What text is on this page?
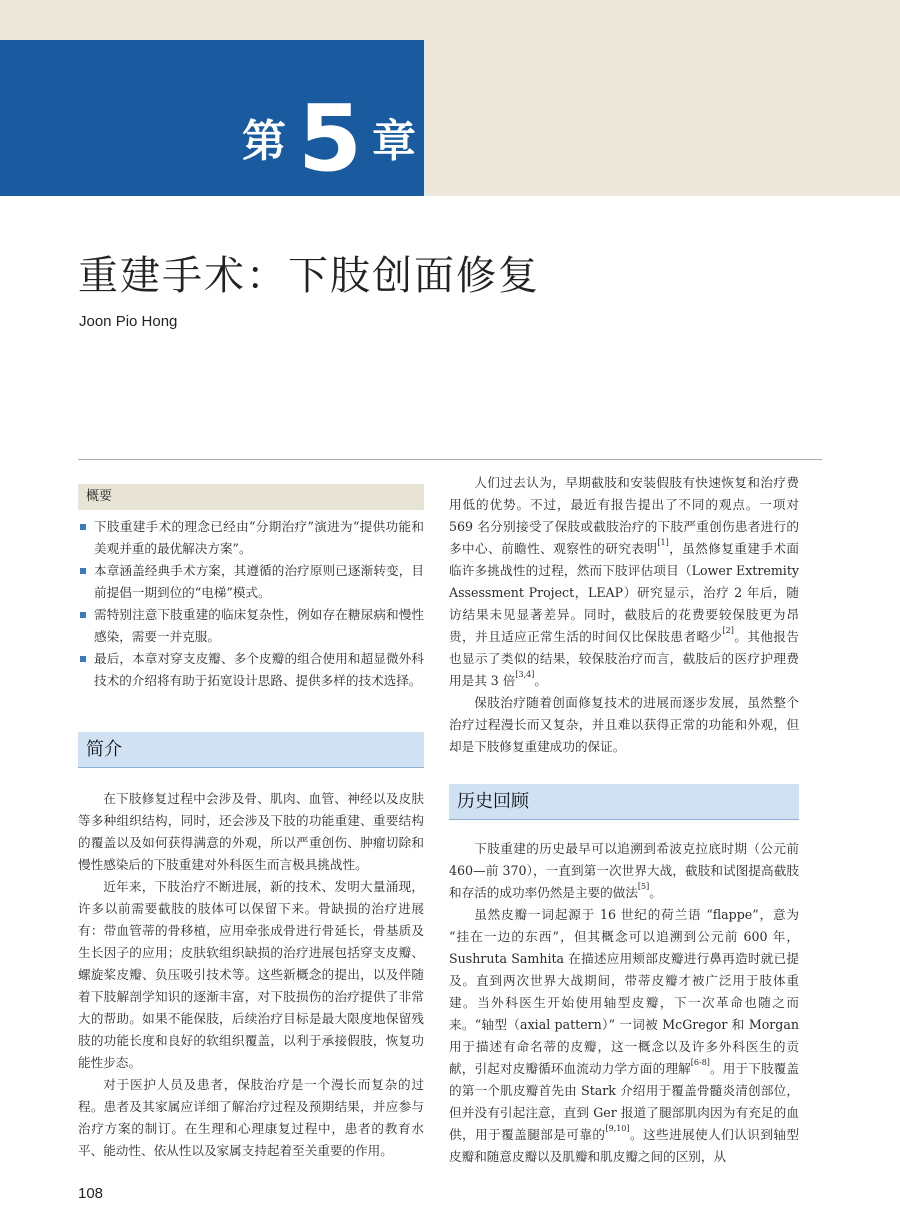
第 5 章
重建手术：下肢创面修复
Joon Pio Hong
概要
下肢重建手术的理念已经由“分期治疗”演进为“提供功能和美观并重的最优解决方案”。
本章涵盖经典手术方案，其遵循的治疗原则已逐渐转变，目前提倡一期到位的“电梯”模式。
需特别注意下肢重建的临床复杂性，例如存在糖尿病和慢性感染，需要一并克服。
最后，本章对穿支皮瓣、多个皮瓣的组合使用和超显微外科技术的介绍将有助于拓宽设计思路、提供多样的技术选择。
简介

在下肢修复过程中会涉及骨、肌肉、血管、神经以及皮肤等多种组织结构，同时，还会涉及下肢的功能重建、重要结构的覆盖以及如何获得满意的外观，所以严重创伤、肿瘤切除和慢性感染后的下肢重建对外科医生而言极具挑战性。

近年来，下肢治疗不断进展，新的技术、发明大量涌现，许多以前需要截肢的肢体可以保留下来。骨缺损的治疗进展有：带血管蒂的骨移植，应用牵张成骨进行骨延长，骨基质及生长因子的应用；皮肤软组织缺损的治疗进展包括穿支皮瓣、螺旋桨皮瓣、负压吸引技术等。这些新概念的提出，以及伴随着下肢解剖学知识的逐渐丰富，对下肢损伤的治疗提供了非常大的帮助。如果不能保肢，后续治疗目标是最大限度地保留残肢的功能长度和良好的软组织覆盖，以利于承接假肢，恢复功能性步态。

对于医护人员及患者，保肢治疗是一个漫长而复杂的过程。患者及其家属应详细了解治疗过程及预期结果，并应参与治疗方案的制订。在生理和心理康复过程中，患者的教育水平、能动性、依从性以及家属支持起着至关重要的作用。

人们过去认为，早期截肢和安装假肢有快速恢复和治疗费用低的优势。不过，最近有报告提出了不同的观点。一项对 569 名分别接受了保肢或截肢治疗的下肢严重创伤患者进行的多中心、前瞻性、观察性的研究表明[1]，虽然修复重建手术面临许多挑战性的过程，然而下肢评估项目（Lower Extremity Assessment Project，LEAP）研究显示，治疗 2 年后，随访结果未见显著差异。同时，截肢后的花费要较保肢更为昂贵，并且适应正常生活的时间仅比保肢患者略少[2]。其他报告也显示了类似的结果，较保肢治疗而言，截肢后的医疗护理费用是其 3 倍[3,4]。

保肢治疗随着创面修复技术的进展而逐步发展，虽然整个治疗过程漫长而又复杂，并且难以获得正常的功能和外观，但却是下肢修复重建成功的保证。

历史回顾

下肢重建的历史最早可以追溯到希波克拉底时期（公元前 460—前 370），一直到第一次世界大战，截肢和试图提高截肢和存活的成功率仍然是主要的做法[5]。

虽然皮瓣一词起源于 16 世纪的荷兰语 “flappe”，意为 “挂在一边的东西”，但其概念可以追溯到公元前 600 年，Sushruta Samhita 在描述应用颊部皮瓣进行鼻再造时就已提及。直到两次世界大战期间，带蒂皮瓣才被广泛用于肢体重建。当外科医生开始使用轴型皮瓣，下一次革命也随之而来。“轴型（axial pattern）” 一词被 McGregor 和 Morgan 用于描述有命名蒂的皮瓣，这一概念以及许多外科医生的贡献，引起对皮瓣循环血流动力学方面的理解[6-8]。用于下肢覆盖的第一个肌皮瓣首先由 Stark 介绍用于覆盖骨髓炎清创部位，但并没有引起注意，直到 Ger 报道了腿部肌肉因为有充足的血供，用于覆盖腿部是可靠的[9,10]。这些进展使人们认识到轴型皮瓣和随意皮瓣以及肌瓣和肌皮瓣之间的区别，从

108
